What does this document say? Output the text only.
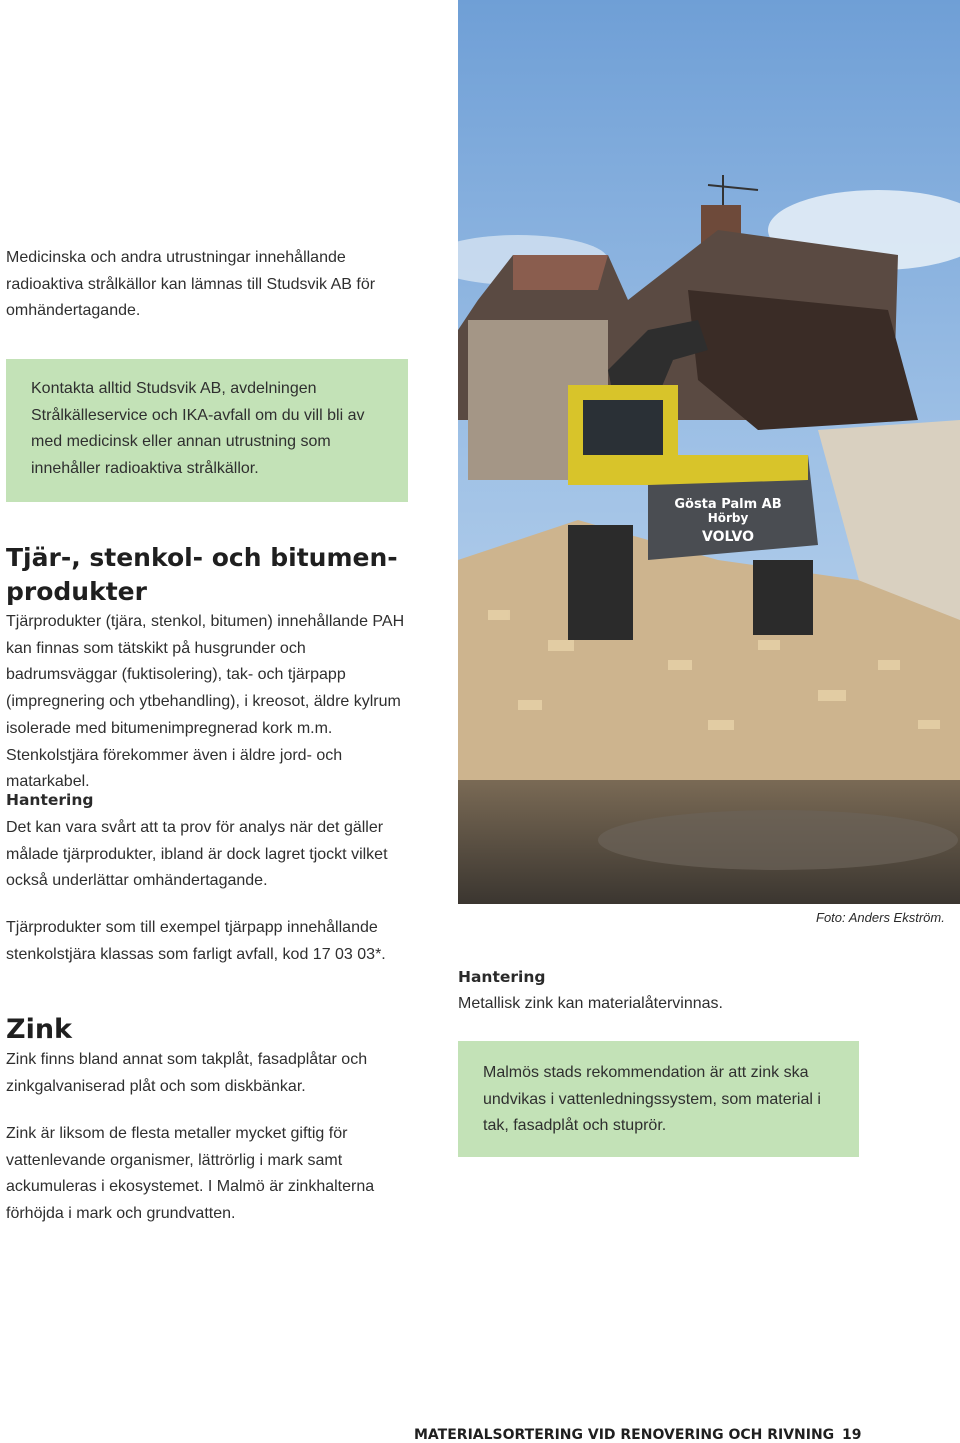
Medicinska och andra utrustningar innehållande radioaktiva strålkällor kan lämnas till Studsvik AB för omhändertagande.
Kontakta alltid Studsvik AB, avdelningen Strålkälleservice och IKA-avfall om du vill bli av med medicinsk eller annan utrustning som innehåller radioaktiva strålkällor.
Tjär-, stenkol- och bitumen-
produkter
Tjärprodukter (tjära, stenkol, bitumen) innehållande PAH kan finnas som tätskikt på husgrunder och badrumsväggar (fuktisolering), tak- och tjärpapp (impregnering och ytbehandling), i kreosot, äldre kylrum isolerade med bitumenimpregnerad kork m.m. Stenkolstjära förekommer även i äldre jord- och matarkabel.
Hantering
Det kan vara svårt att ta prov för analys när det gäller målade tjärprodukter, ibland är dock lagret tjockt vilket också underlättar omhändertagande.
Tjärprodukter som till exempel tjärpapp innehållande stenkolstjära klassas som farligt avfall, kod 17 03 03*.
Zink
Zink finns bland annat som takplåt, fasadplåtar och zinkgalvaniserad plåt och som diskbänkar.
Zink är liksom de flesta metaller mycket giftig för vattenlevande organismer, lättrörlig i mark samt ackumuleras i ekosystemet. I Malmö är zinkhalterna förhöjda i mark och grundvatten.
Gösta Palm AB
Hörby
VOLVO
Foto: Anders Ekström.
Hantering
Metallisk zink kan materialåtervinnas.
Malmös stads rekommendation är att zink ska undvikas i vattenledningssystem, som material i tak, fasadplåt och stuprör.
MATERIALSORTERING VID RENOVERING OCH RIVNING 19
